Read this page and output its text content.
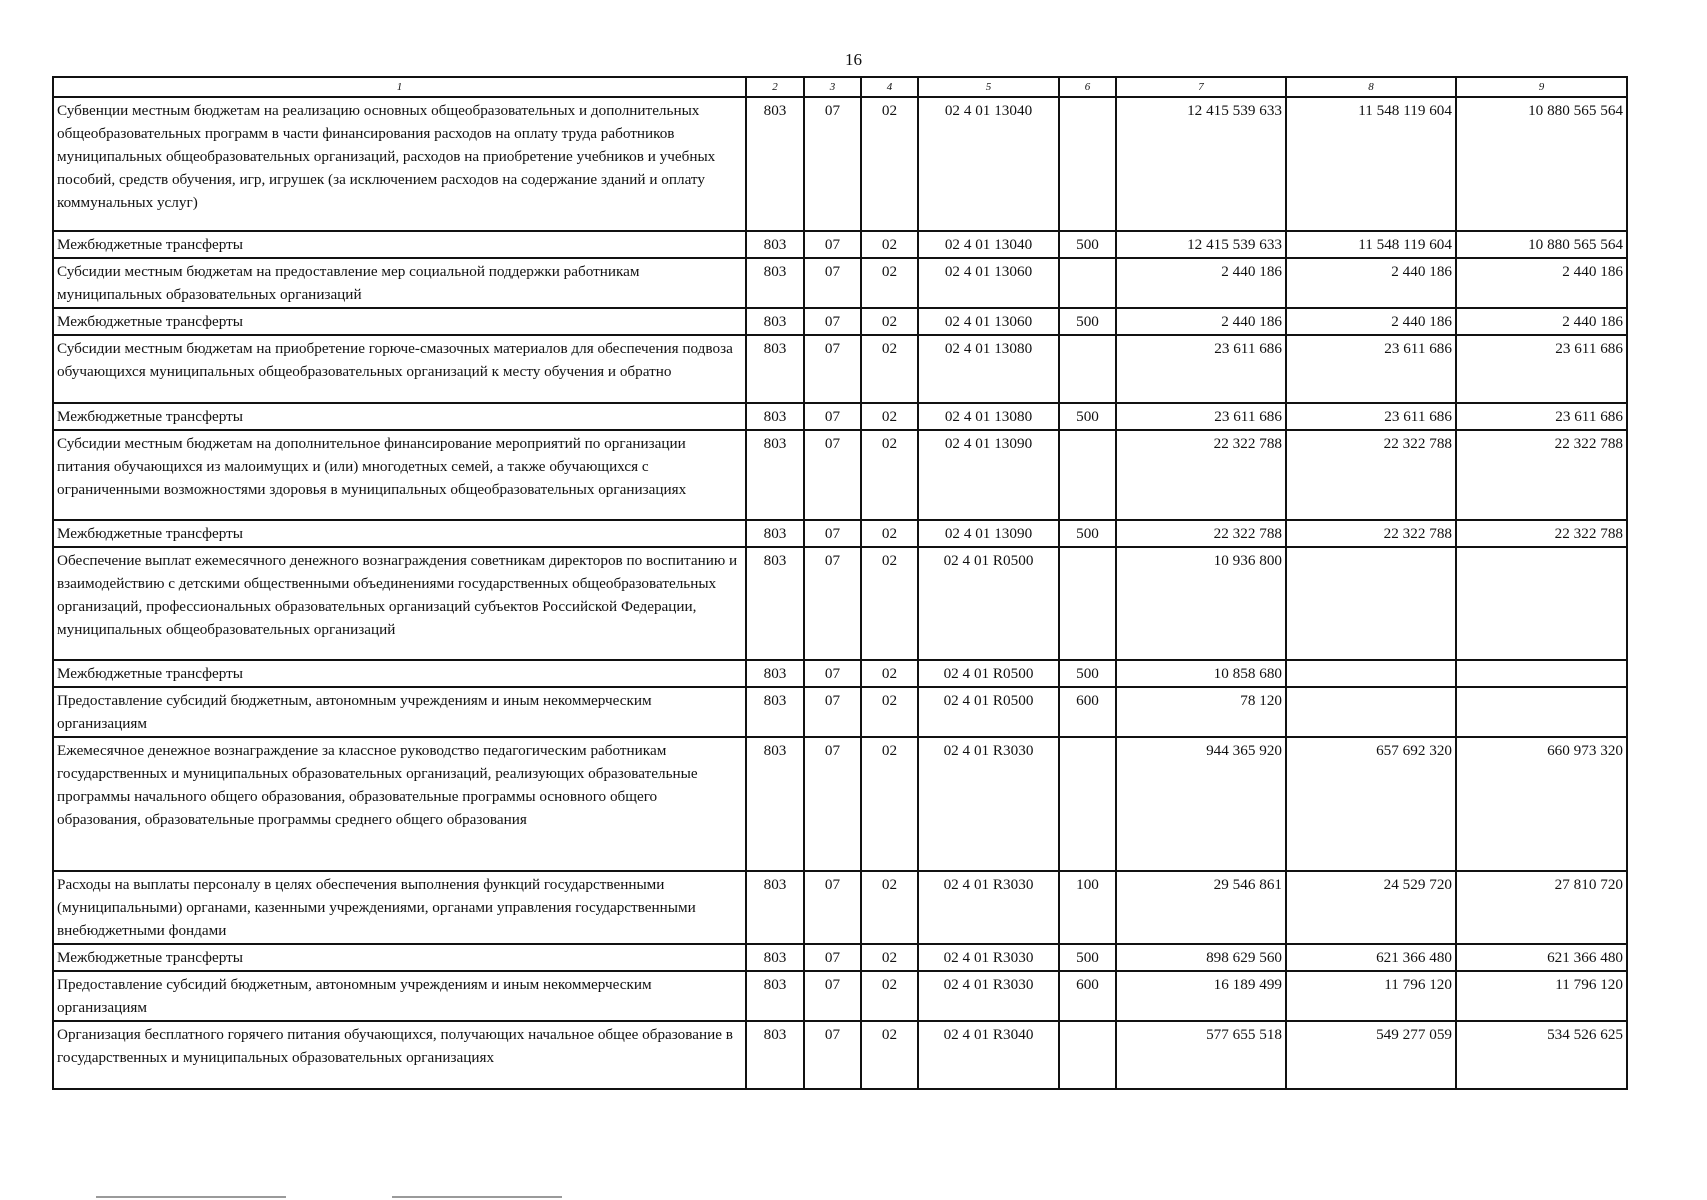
16
1	2	3	4	5	6	7	8	9
Субвенции местным бюджетам на реализацию основных общеобразовательных и дополнительных общеобразовательных программ в части финансирования расходов на оплату труда работников муниципальных общеобразовательных организаций, расходов на приобретение учебников и учебных пособий, средств обучения, игр, игрушек (за исключением расходов на содержание зданий и оплату коммунальных услуг)	803	07	02	02 4 01 13040		12 415 539 633	11 548 119 604	10 880 565 564
Межбюджетные трансферты	803	07	02	02 4 01 13040	500	12 415 539 633	11 548 119 604	10 880 565 564
Субсидии местным бюджетам на предоставление мер социальной поддержки работникам муниципальных образовательных организаций	803	07	02	02 4 01 13060		2 440 186	2 440 186	2 440 186
Межбюджетные трансферты	803	07	02	02 4 01 13060	500	2 440 186	2 440 186	2 440 186
Субсидии местным бюджетам на приобретение горюче-смазочных материалов для обеспечения подвоза обучающихся муниципальных общеобразовательных организаций к месту обучения и обратно	803	07	02	02 4 01 13080		23 611 686	23 611 686	23 611 686
Межбюджетные трансферты	803	07	02	02 4 01 13080	500	23 611 686	23 611 686	23 611 686
Субсидии местным бюджетам на дополнительное финансирование мероприятий по организации питания обучающихся из малоимущих и (или) многодетных семей, а также обучающихся с ограниченными возможностями здоровья в муниципальных общеобразовательных организациях	803	07	02	02 4 01 13090		22 322 788	22 322 788	22 322 788
Межбюджетные трансферты	803	07	02	02 4 01 13090	500	22 322 788	22 322 788	22 322 788
Обеспечение выплат ежемесячного денежного вознаграждения советникам директоров по воспитанию и взаимодействию с детскими общественными объединениями государственных общеобразовательных организаций, профессиональных образовательных организаций субъектов Российской Федерации, муниципальных общеобразовательных организаций	803	07	02	02 4 01 R0500		10 936 800		
Межбюджетные трансферты	803	07	02	02 4 01 R0500	500	10 858 680		
Предоставление субсидий бюджетным, автономным учреждениям и иным некоммерческим организациям	803	07	02	02 4 01 R0500	600	78 120		
Ежемесячное денежное вознаграждение за классное руководство педагогическим работникам государственных и муниципальных образовательных организаций, реализующих образовательные программы начального общего образования, образовательные программы основного общего образования, образовательные программы среднего общего образования	803	07	02	02 4 01 R3030		944 365 920	657 692 320	660 973 320
Расходы на выплаты персоналу в целях обеспечения выполнения функций государственными (муниципальными) органами, казенными учреждениями, органами управления государственными внебюджетными фондами	803	07	02	02 4 01 R3030	100	29 546 861	24 529 720	27 810 720
Межбюджетные трансферты	803	07	02	02 4 01 R3030	500	898 629 560	621 366 480	621 366 480
Предоставление субсидий бюджетным, автономным учреждениям и иным некоммерческим организациям	803	07	02	02 4 01 R3030	600	16 189 499	11 796 120	11 796 120
Организация бесплатного горячего питания обучающихся, получающих начальное общее образование в государственных и муниципальных образовательных организациях	803	07	02	02 4 01 R3040		577 655 518	549 277 059	534 526 625
